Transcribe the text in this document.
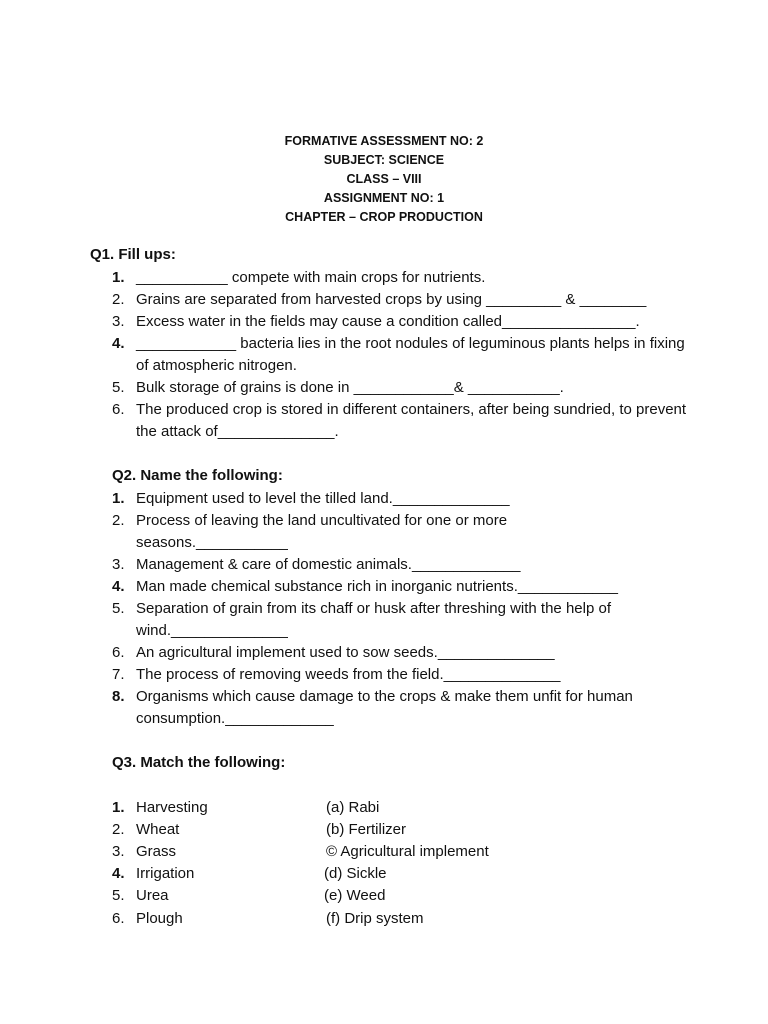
FORMATIVE ASSESSMENT NO: 2
SUBJECT: SCIENCE
CLASS – VIII
ASSIGNMENT NO: 1
CHAPTER – CROP PRODUCTION
Q1. Fill ups:
1. ___________ compete with main crops for nutrients.
2. Grains are separated from harvested crops by using _________ & ________
3. Excess water in the fields may cause a condition called________________.
4. ____________ bacteria lies in the root nodules of leguminous plants helps in fixing of atmospheric nitrogen.
5. Bulk storage of grains is done in ____________& ___________.
6. The produced crop is stored in different containers, after being sundried, to prevent the attack of______________.
Q2. Name the following:
1. Equipment used to level the tilled land.______________
2. Process of leaving the land uncultivated for one or more seasons.___________
3. Management & care of domestic animals._____________
4. Man made chemical substance rich in inorganic nutrients.____________
5. Separation of grain from its chaff or husk after threshing with the help of wind.______________
6. An agricultural implement used to sow seeds.______________
7. The process of removing weeds from the field.______________
8. Organisms which cause damage to the crops & make them unfit for human consumption._____________
Q3. Match the following:
1. Harvesting	(a) Rabi
2. Wheat	(b) Fertilizer
3. Grass	© Agricultural implement
4. Irrigation	(d) Sickle
5. Urea	(e) Weed
6. Plough	(f) Drip system
